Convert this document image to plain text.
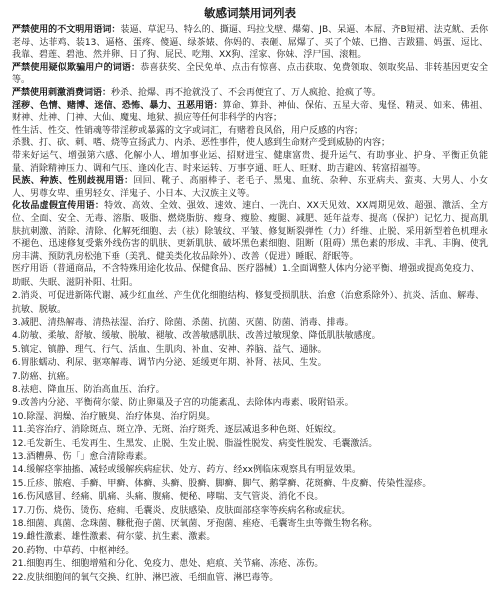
敏感词禁用词列表

严禁使用的不文明用语词：装逼、草泥马、特么的、撕逼、玛拉戈壁、爆菊、JB、呆逼、本屌、齐B短裙、法克鱿、丢你老母、达菲鸡、装13、逼格、蛋疼、傻逼、绿茶婊、你妈的、表砸、屌爆了、买了个婊、已撸、吉跋猫、妈蛋、逗比、我靠、碧莲、碧池、然并卵、日了狗、屁民、吃翔、XX狗、淫家、你妹、浮尸国、滚粗。

严禁使用疑似欺骗用户的词语：恭喜获奖、全民免单、点击有惊喜、点击获取、免费领取、领取奖品、非转基因更安全等。

严禁使用刺激消费词语：秒杀、抢爆、再不抢就没了、不会再便宜了、万人疯抢、抢疯了等。

淫秽、色情、赌博、迷信、恐怖、暴力、丑恶用语：算命、算卦、神仙、保佑、五星大帝、鬼怪、精灵、如来、佛祖、财神、灶神、门神、大仙、魔鬼、地狱、损应等任何非科学的内容；

性生活、性交、性销魂等带淫秽或暴露的文字或词汇，有赌着良风俗，用户反感的内容；

杀戮、打、砍、刺、嗜、烧等宣扬武力、内杀、恶性事件，使人感到生命财产受到威胁的内容；

带来好运气、增强第六感、化解小人、增加事业运、招财进宝、健康富贵、提升运气、有助事业、护身、平衡正负能量、消除精神压力、调和气压、逢凶化吉、时来运转、万事亨通、旺人、旺财、助吉避凶、转富招福等。

民族、种族、性别歧视用语：回回、靴子、高丽棒子、老毛子、黑鬼、血统、杂种、东亚病夫、蛮夷、大男人、小女人、男尊女卑、重男轻女、洋鬼子、小日本、大汉族主义等。

化妆品虚假宣传用语：特效、高效、全效、强效、速效、速白、一洗白、XX天见效、XX周期见效、超强、激活、全方位、全面、安全、无毒、溶脂、吸脂、燃烧脂肪、瘦身、瘦脸、瘦腿、减肥、延年益寿、提高（保护）记忆力、提高肌肤抗刺激、消除、清除、化解死细胞、去（祛）除皱纹、平皱、修复断裂弹性（力）纤维、止脱、采用新型着色机理永不褪色、迅速修复受紫外线伤害的肌肤、更新肌肤、破坏黑色素细胞、阻断（阻碍）黑色素的形成、丰乳、丰胸、使乳房丰满、预防乳房松弛下垂（美乳、健美类化妆品除外）、改善（促进）睡眠、舒眠等。

医疗用语（普通商品，不含特殊用途化妆品、保健食品、医疗器械）1.全面调整人体内分泌平衡、增强或提高免疫力、助眠、失眠、滋阴补阳、壮阳。

2.消炎、可促进新陈代谢、减少红血丝、产生优化细胞结构、修复受损肌肤、治愈（治愈系除外）、抗炎、活血、解毒、抗敏、脱敏。

3.减肥、清热解毒、清热祛湿、治疗、除菌、杀菌、抗菌、灭菌、防菌、消毒、排毒。

4.防敏、柔敏、舒敏、缓敏、脱敏、褪敏、改善敏感肌肤、改善过敏现象、降低肌肤敏感度。

5.镇定、镇静、理气、行气、活血、生肌肉、补血、安神、养脑、益气、通脉。

6.胃胀蠕动、利尿、驱寒解毒、调节内分泌、延缓更年期、补肾、祛风、生发。

7.防癌、抗癌。

8.祛疤、降血压、防治高血压、治疗。

9.改善内分泌、平衡荷尔蒙、防止卵巢及子宫的功能紊乱、去除体内毒素、吸附铅汞。

10.除湿、润燥、治疗腋臭、治疗体臭、治疗阴臭。

11.美容治疗、消除斑点、斑立净、无斑、治疗斑秃、逐层减退多种色斑、妊娠纹。

12.毛发新生、毛发再生、生黑发、止脱、生发止脱、脂溢性脱发、病变性脱发、毛囊激活。

13.酒糟鼻、伤「」愈合清除毒素。

14.缓解痉挛抽搐、减轻或缓解疾病症状、处方、药方、经xx例临床观察具有明显效果。

15.丘疹、脓疱、手癣、甲癣、体癣、头癣、股癣、脚癣、脚气、鹅掌癣、花斑癣、牛皮癣、传染性湿疹。

16.伤风感冒、经痛、肌痛、头痛、腹痛、便秘、哮喘、支气管炎、消化不良。

17.刀伤、烧伤、烫伤、疮痈、毛囊炎、皮肤感染、皮肤面部痉挛等疾病名称或症状。

18.细菌、真菌、念珠菌、糠秕孢子菌、厌氧菌、牙孢菌、痤疮、毛囊寄生虫等微生物名称。

19.雌性激素、雄性激素、荷尔蒙、抗生素、激素。

20.药物、中草药、中枢神经。

21.细胞再生、细胞增殖和分化、免疫力、患处、疤痕、关节痛、冻疮、冻伤。

22.皮肤细胞间的氧气交换、红肿、淋巴液、毛细血管、淋巴毒等。
